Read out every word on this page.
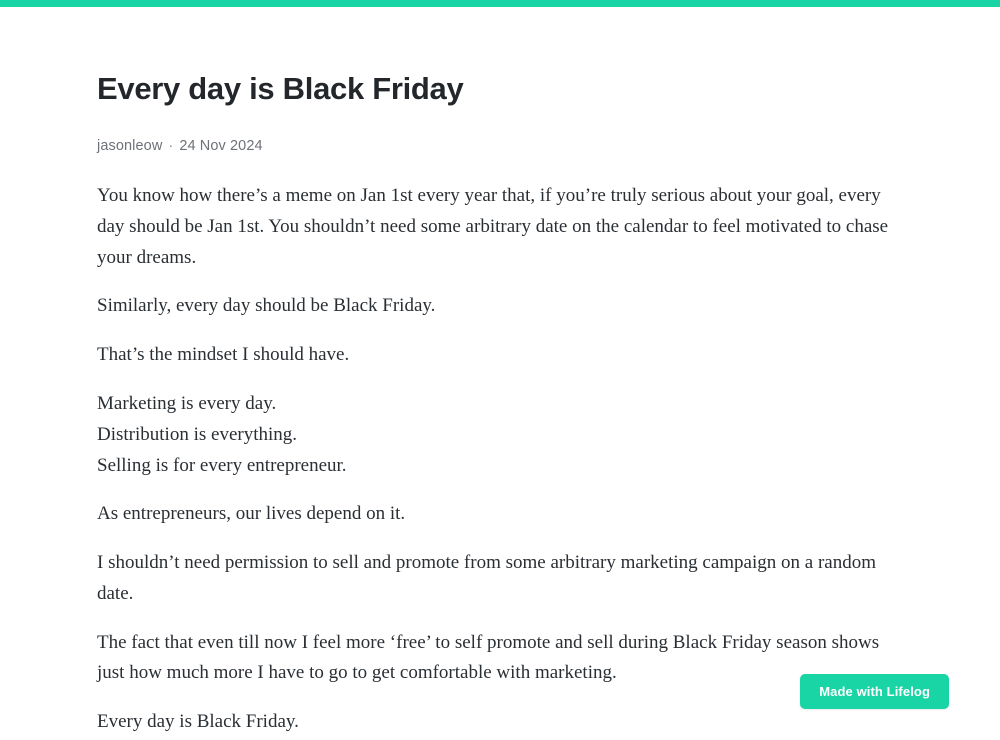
Every day is Black Friday
jasonleow · 24 Nov 2024

You know how there’s a meme on Jan 1st every year that, if you’re truly serious about your goal, every day should be Jan 1st. You shouldn’t need some arbitrary date on the calendar to feel motivated to chase your dreams.

Similarly, every day should be Black Friday.

That’s the mindset I should have.

Marketing is every day.
Distribution is everything.
Selling is for every entrepreneur.

As entrepreneurs, our lives depend on it.

I shouldn’t need permission to sell and promote from some arbitrary marketing campaign on a random date.

The fact that even till now I feel more ‘free’ to self promote and sell during Black Friday season shows just how much more I have to go to get comfortable with marketing.

Every day is Black Friday.

Made with Lifelog
